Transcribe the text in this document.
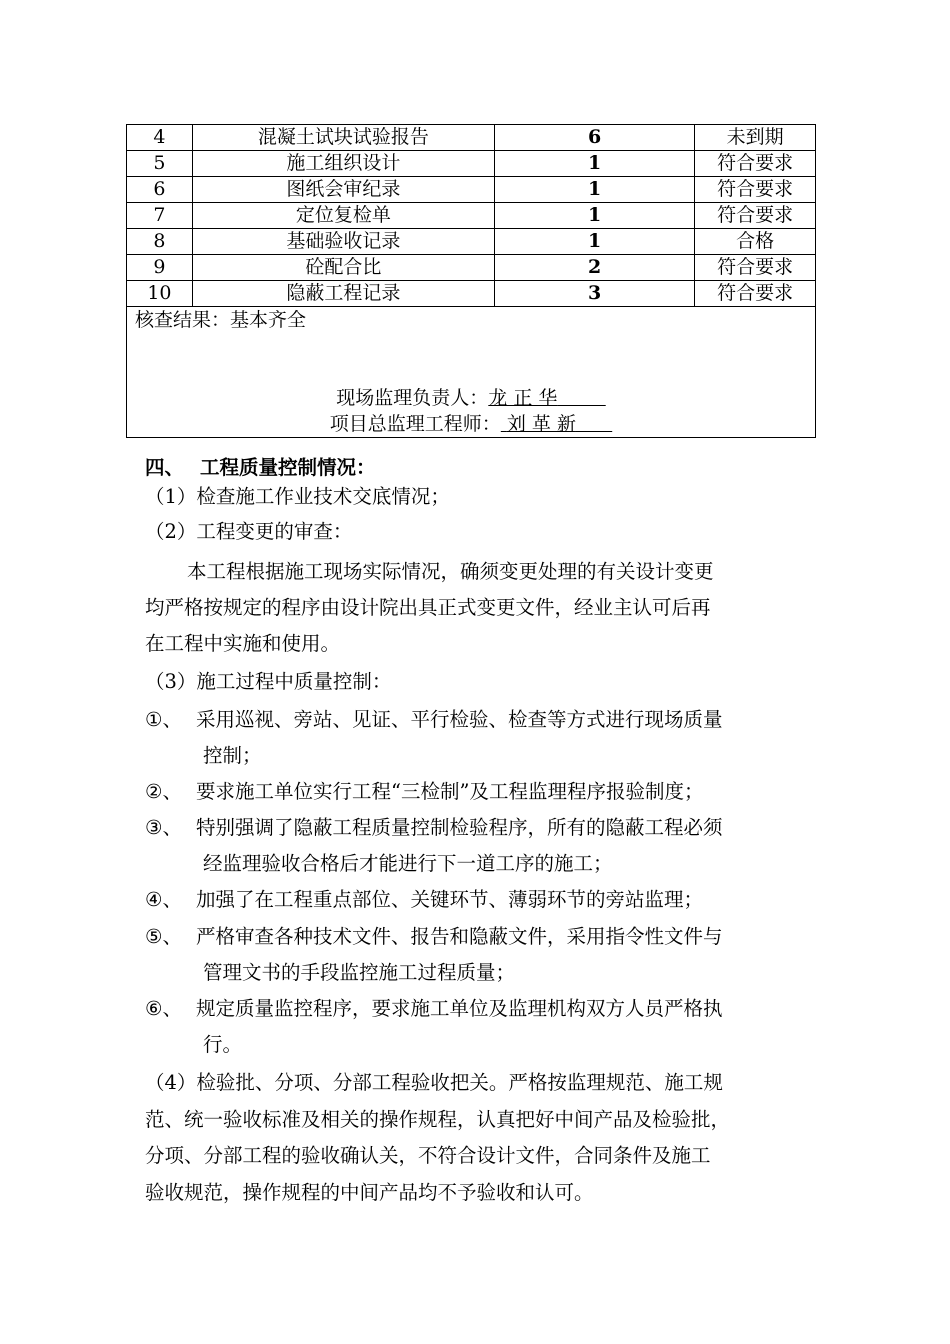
4	混凝土试块试验报告	6	未到期
5	施工组织设计	1	符合要求
6	图纸会审纪录	1	符合要求
7	定位复检单	1	符合要求
8	基础验收记录	1	合格
9	砼配合比	2	符合要求
10	隐蔽工程记录	3	符合要求

核查结果：基本齐全
现场监理负责人：龙 正 华
项目总监理工程师： 刘 革 新			
四、 工程质量控制情况：
（1）检查施工作业技术交底情况；
（2）工程变更的审查：
本工程根据施工现场实际情况，确须变更处理的有关设计变更
均严格按规定的程序由设计院出具正式变更文件，经业主认可后再
在工程中实施和使用。
（3）施工过程中质量控制：
①、 采用巡视、旁站、见证、平行检验、检查等方式进行现场质量
控制；
②、 要求施工单位实行工程“三检制”及工程监理程序报验制度；
③、 特别强调了隐蔽工程质量控制检验程序，所有的隐蔽工程必须
经监理验收合格后才能进行下一道工序的施工；
④、 加强了在工程重点部位、关键环节、薄弱环节的旁站监理；
⑤、 严格审查各种技术文件、报告和隐蔽文件，采用指令性文件与
管理文书的手段监控施工过程质量；
⑥、 规定质量监控程序，要求施工单位及监理机构双方人员严格执
行。
（4）检验批、分项、分部工程验收把关。严格按监理规范、施工规
范、统一验收标准及相关的操作规程，认真把好中间产品及检验批，
分项、分部工程的验收确认关，不符合设计文件，合同条件及施工
验收规范，操作规程的中间产品均不予验收和认可。
